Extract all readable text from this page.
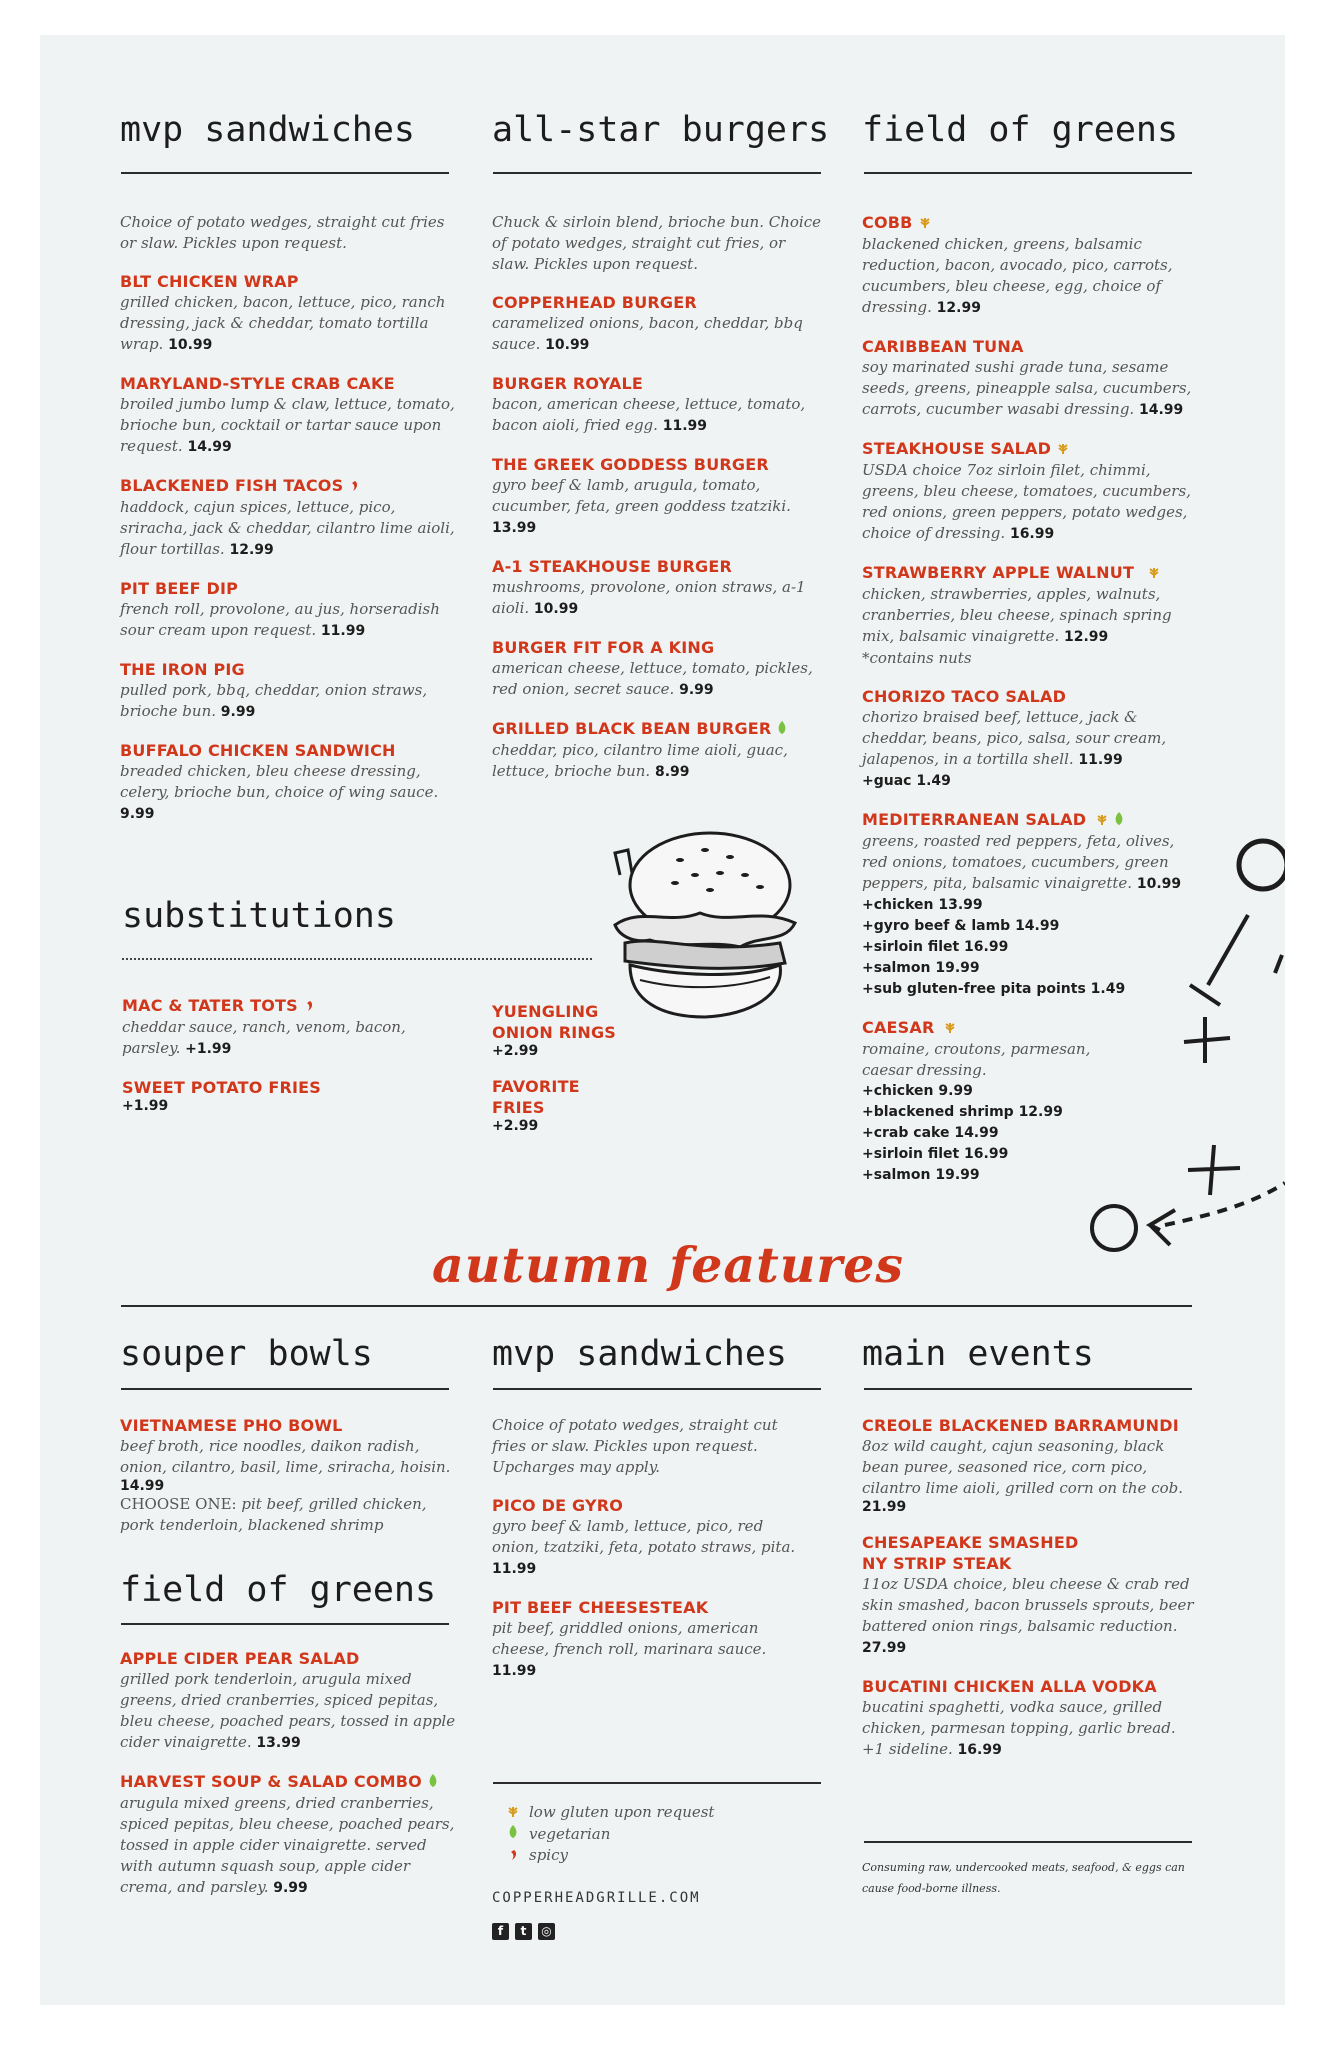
mvp sandwiches
Choice of potato wedges, straight cut fries or slaw. Pickles upon request.
BLT CHICKEN WRAP
grilled chicken, bacon, lettuce, pico, ranch dressing, jack & cheddar, tomato tortilla wrap. 10.99
MARYLAND-STYLE CRAB CAKE
broiled jumbo lump & claw, lettuce, tomato, brioche bun, cocktail or tartar sauce upon request. 14.99
BLACKENED FISH TACOS
haddock, cajun spices, lettuce, pico, sriracha, jack & cheddar, cilantro lime aioli, flour tortillas. 12.99
PIT BEEF DIP
french roll, provolone, au jus, horseradish sour cream upon request. 11.99
THE IRON PIG
pulled pork, bbq, cheddar, onion straws, brioche bun. 9.99
BUFFALO CHICKEN SANDWICH
breaded chicken, bleu cheese dressing, celery, brioche bun, choice of wing sauce. 9.99
all-star burgers
Chuck & sirloin blend, brioche bun. Choice of potato wedges, straight cut fries, or slaw. Pickles upon request.
COPPERHEAD BURGER
caramelized onions, bacon, cheddar, bbq sauce. 10.99
BURGER ROYALE
bacon, american cheese, lettuce, tomato, bacon aioli, fried egg. 11.99
THE GREEK GODDESS BURGER
gyro beef & lamb, arugula, tomato, cucumber, feta, green goddess tzatziki. 13.99
A-1 STEAKHOUSE BURGER
mushrooms, provolone, onion straws, a-1 aioli. 10.99
BURGER FIT FOR A KING
american cheese, lettuce, tomato, pickles, red onion, secret sauce. 9.99
GRILLED BLACK BEAN BURGER
cheddar, pico, cilantro lime aioli, guac, lettuce, brioche bun. 8.99
field of greens
COBB
blackened chicken, greens, balsamic reduction, bacon, avocado, pico, carrots, cucumbers, bleu cheese, egg, choice of dressing. 12.99
CARIBBEAN TUNA
soy marinated sushi grade tuna, sesame seeds, greens, pineapple salsa, cucumbers, carrots, cucumber wasabi dressing. 14.99
STEAKHOUSE SALAD
USDA choice 7oz sirloin filet, chimmi, greens, bleu cheese, tomatoes, cucumbers, red onions, green peppers, potato wedges, choice of dressing. 16.99
STRAWBERRY APPLE WALNUT
chicken, strawberries, apples, walnuts, cranberries, bleu cheese, spinach spring mix, balsamic vinaigrette. 12.99
*contains nuts
CHORIZO TACO SALAD
chorizo braised beef, lettuce, jack & cheddar, beans, pico, salsa, sour cream, jalapenos, in a tortilla shell. 11.99
+guac 1.49
MEDITERRANEAN SALAD
greens, roasted red peppers, feta, olives, red onions, tomatoes, cucumbers, green peppers, pita, balsamic vinaigrette. 10.99
+chicken 13.99
+gyro beef & lamb 14.99
+sirloin filet 16.99
+salmon 19.99
+sub gluten-free pita points 1.49
CAESAR
romaine, croutons, parmesan, caesar dressing.
+chicken 9.99
+blackened shrimp 12.99
+crab cake 14.99
+sirloin filet 16.99
+salmon 19.99
substitutions
MAC & TATER TOTS
cheddar sauce, ranch, venom, bacon, parsley. +1.99
SWEET POTATO FRIES
+1.99
YUENGLING ONION RINGS
+2.99
FAVORITE FRIES
+2.99
autumn features
souper bowls
VIETNAMESE PHO BOWL
beef broth, rice noodles, daikon radish, onion, cilantro, basil, lime, sriracha, hoisin.
14.99
CHOOSE ONE: pit beef, grilled chicken, pork tenderloin, blackened shrimp
field of greens
APPLE CIDER PEAR SALAD
grilled pork tenderloin, arugula mixed greens, dried cranberries, spiced pepitas, bleu cheese, poached pears, tossed in apple cider vinaigrette. 13.99
HARVEST SOUP & SALAD COMBO
arugula mixed greens, dried cranberries, spiced pepitas, bleu cheese, poached pears, tossed in apple cider vinaigrette. served with autumn squash soup, apple cider crema, and parsley. 9.99
mvp sandwiches
Choice of potato wedges, straight cut fries or slaw. Pickles upon request. Upcharges may apply.
PICO DE GYRO
gyro beef & lamb, lettuce, pico, red onion, tzatziki, feta, potato straws, pita. 11.99
PIT BEEF CHEESESTEAK
pit beef, griddled onions, american cheese, french roll, marinara sauce. 11.99
low gluten upon request
vegetarian
spicy
COPPERHEADGRILLE.COM
f t ◎
main events
CREOLE BLACKENED BARRAMUNDI
8oz wild caught, cajun seasoning, black bean puree, seasoned rice, corn pico, cilantro lime aioli, grilled corn on the cob.
21.99
CHESAPEAKE SMASHED
NY STRIP STEAK
11oz USDA choice, bleu cheese & crab red skin smashed, bacon brussels sprouts, beer battered onion rings, balsamic reduction. 27.99
BUCATINI CHICKEN ALLA VODKA
bucatini spaghetti, vodka sauce, grilled chicken, parmesan topping, garlic bread. +1 sideline. 16.99
Consuming raw, undercooked meats, seafood, & eggs can cause food-borne illness.
